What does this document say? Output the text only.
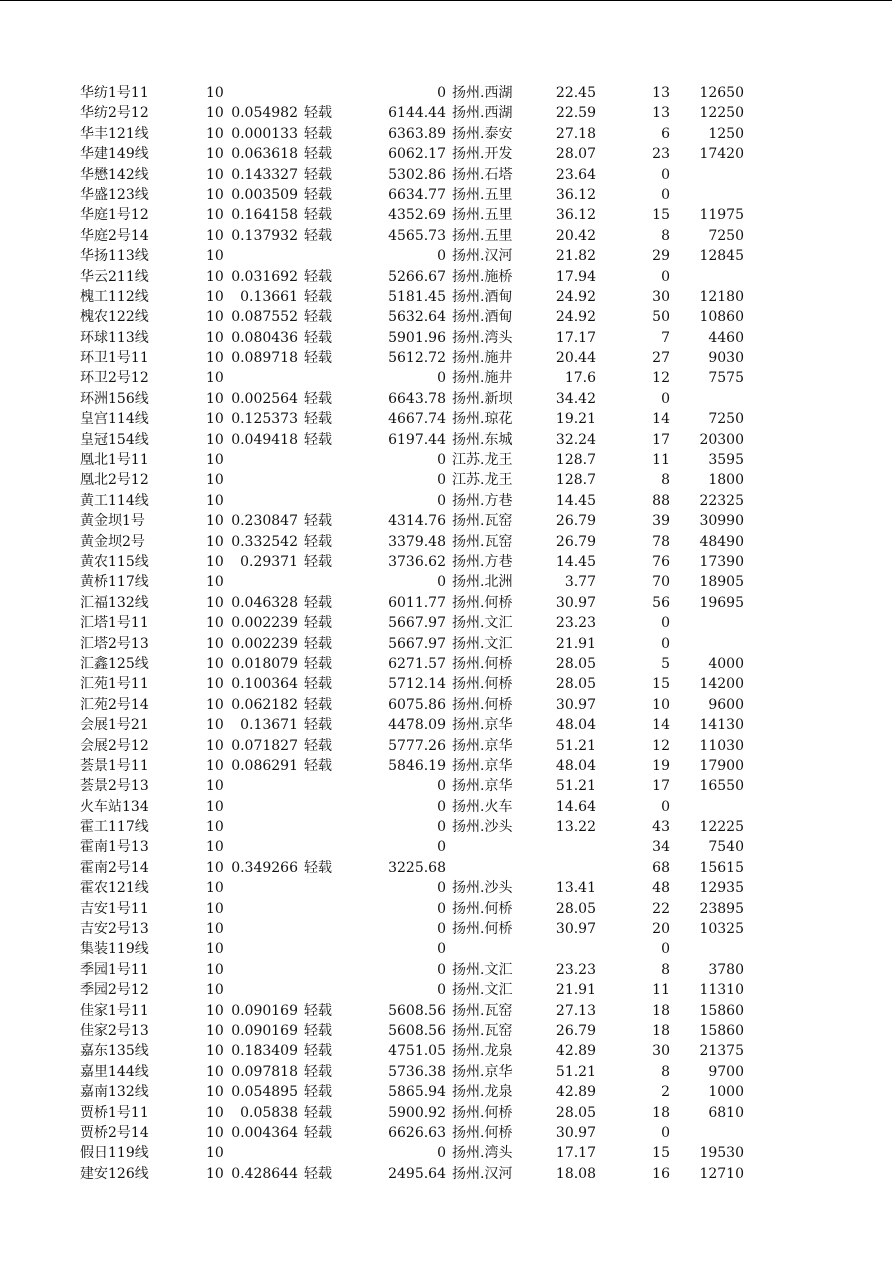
华纺1号11	10	0 扬州.西湖	22.45	13	12650
华纺2号12	10 0.054982 轻载	6144.44 扬州.西湖	22.59	13	12250
华丰121线	10 0.000133 轻载	6363.89 扬州.泰安	27.18	6	1250
华建149线	10 0.063618 轻载	6062.17 扬州.开发	28.07	23	17420
华懋142线	10 0.143327 轻载	5302.86 扬州.石塔	23.64	0
华盛123线	10 0.003509 轻载	6634.77 扬州.五里	36.12	0
华庭1号12	10 0.164158 轻载	4352.69 扬州.五里	36.12	15	11975
华庭2号14	10 0.137932 轻载	4565.73 扬州.五里	20.42	8	7250
华扬113线	10	0 扬州.汉河	21.82	29	12845
华云211线	10 0.031692 轻载	5266.67 扬州.施桥	17.94	0
槐工112线	10	0.13661 轻载	5181.45 扬州.酒甸	24.92	30	12180
槐农122线	10 0.087552 轻载	5632.64 扬州.酒甸	24.92	50	10860
环球113线	10 0.080436 轻载	5901.96 扬州.湾头	17.17	7	4460
环卫1号11	10 0.089718 轻载	5612.72 扬州.施井	20.44	27	9030
环卫2号12	10	0 扬州.施井	17.6	12	7575
环洲156线	10 0.002564 轻载	6643.78 扬州.新坝	34.42	0
皇宫114线	10 0.125373 轻载	4667.74 扬州.琼花	19.21	14	7250
皇冠154线	10 0.049418 轻载	6197.44 扬州.东城	32.24	17	20300
凰北1号11	10	0 江苏.龙王	128.7	11	3595
凰北2号12	10	0 江苏.龙王	128.7	8	1800
黄工114线	10	0 扬州.方巷	14.45	88	22325
黄金坝1号	10 0.230847 轻载	4314.76 扬州.瓦窑	26.79	39	30990
黄金坝2号	10 0.332542 轻载	3379.48 扬州.瓦窑	26.79	78	48490
黄农115线	10	0.29371 轻载	3736.62 扬州.方巷	14.45	76	17390
黄桥117线	10	0 扬州.北洲	3.77	70	18905
汇福132线	10 0.046328 轻载	6011.77 扬州.何桥	30.97	56	19695
汇塔1号11	10 0.002239 轻载	5667.97 扬州.文汇	23.23	0
汇塔2号13	10 0.002239 轻载	5667.97 扬州.文汇	21.91	0
汇鑫125线	10 0.018079 轻载	6271.57 扬州.何桥	28.05	5	4000
汇苑1号11	10 0.100364 轻载	5712.14 扬州.何桥	28.05	15	14200
汇苑2号14	10 0.062182 轻载	6075.86 扬州.何桥	30.97	10	9600
会展1号21	10	0.13671 轻载	4478.09 扬州.京华	48.04	14	14130
会展2号12	10 0.071827 轻载	5777.26 扬州.京华	51.21	12	11030
荟景1号11	10 0.086291 轻载	5846.19 扬州.京华	48.04	19	17900
荟景2号13	10	0 扬州.京华	51.21	17	16550
火车站134	10	0 扬州.火车	14.64	0
霍工117线	10	0 扬州.沙头	13.22	43	12225
霍南1号13	10	0	34	7540
霍南2号14	10 0.349266 轻载	3225.68	68	15615
霍农121线	10	0 扬州.沙头	13.41	48	12935
吉安1号11	10	0 扬州.何桥	28.05	22	23895
吉安2号13	10	0 扬州.何桥	30.97	20	10325
集装119线	10	0	0
季园1号11	10	0 扬州.文汇	23.23	8	3780
季园2号12	10	0 扬州.文汇	21.91	11	11310
佳家1号11	10 0.090169 轻载	5608.56 扬州.瓦窑	27.13	18	15860
佳家2号13	10 0.090169 轻载	5608.56 扬州.瓦窑	26.79	18	15860
嘉东135线	10 0.183409 轻载	4751.05 扬州.龙泉	42.89	30	21375
嘉里144线	10 0.097818 轻载	5736.38 扬州.京华	51.21	8	9700
嘉南132线	10 0.054895 轻载	5865.94 扬州.龙泉	42.89	2	1000
贾桥1号11	10	0.05838 轻载	5900.92 扬州.何桥	28.05	18	6810
贾桥2号14	10 0.004364 轻载	6626.63 扬州.何桥	30.97	0
假日119线	10	0 扬州.湾头	17.17	15	19530
建安126线	10 0.428644 轻载	2495.64 扬州.汉河	18.08	16	12710
